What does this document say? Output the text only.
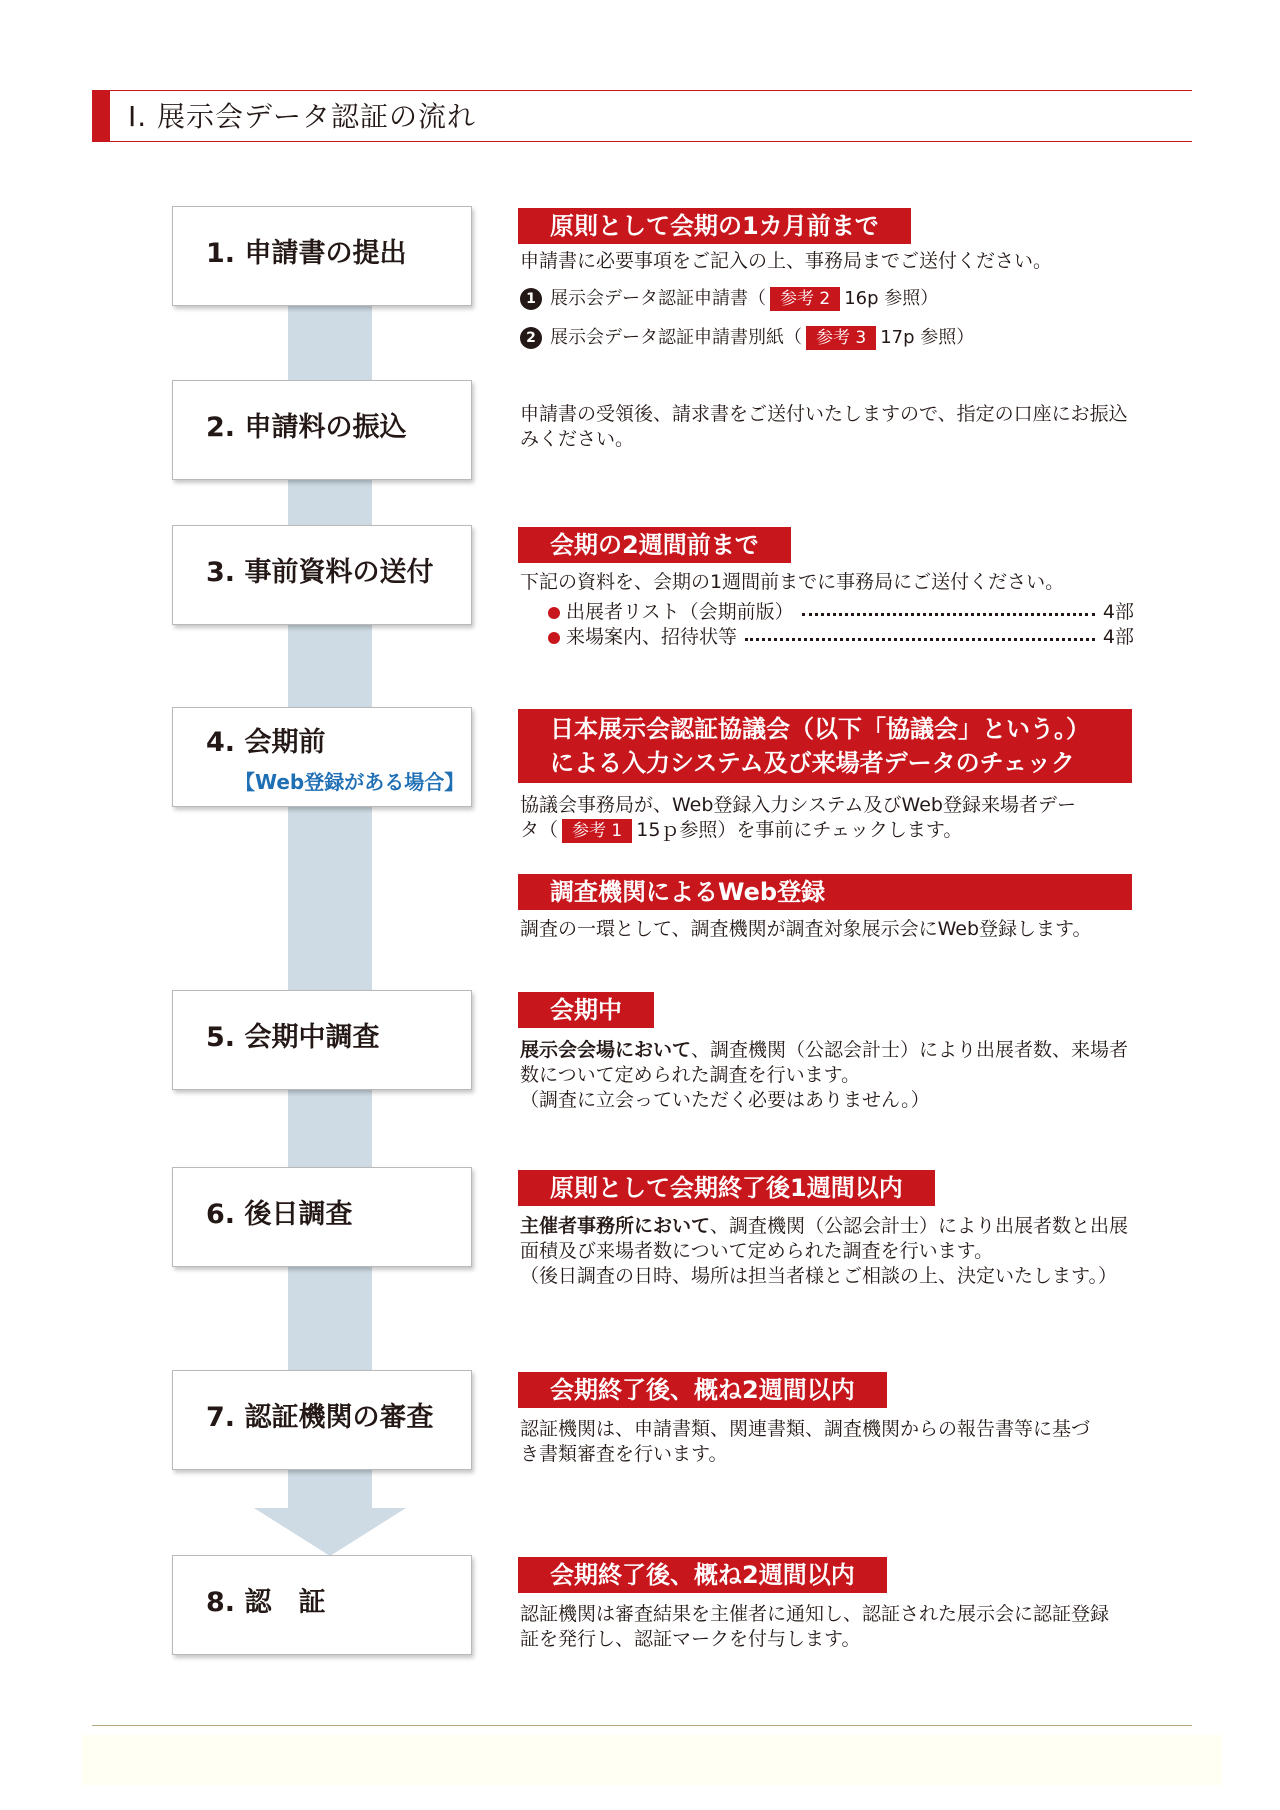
Ⅰ. 展示会データ認証の流れ
1. 申請書の提出
2. 申請料の振込
3. 事前資料の送付
4. 会期前
【Web登録がある場合】
5. 会期中調査
6. 後日調査
7. 認証機関の審査
8. 認　証
原則として会期の1カ月前まで
申請書に必要事項をご記入の上、事務局までご送付ください。
1 展示会データ認証申請書（ 参考 2 16p 参照）
2 展示会データ認証申請書別紙（ 参考 3 17p 参照）
申請書の受領後、請求書をご送付いたしますので、指定の口座にお振込みください。
会期の2週間前まで
下記の資料を、会期の1週間前までに事務局にご送付ください。
出展者リスト（会期前版）	4部
来場案内、招待状等	4部
日本展示会認証協議会（以下「協議会」という。）
による入力システム及び来場者データのチェック

協議会事務局が、Web登録入力システム及びWeb登録来場者デー

タ（ 参考 1 15ｐ参照）を事前にチェックします。

調査機関によるWeb登録
調査の一環として、調査機関が調査対象展示会にWeb登録します。
会期中

展示会会場において、調査機関（公認会計士）により出展者数、来場者数について定められた調査を行います。

（調査に立会っていただく必要はありません。）

原則として会期終了後1週間以内

主催者事務所において、調査機関（公認会計士）により出展者数と出展面積及び来場者数について定められた調査を行います。

（後日調査の日時、場所は担当者様とご相談の上、決定いたします。）

会期終了後、概ね2週間以内
認証機関は、申請書類、関連書類、調査機関からの報告書等に基づき書類審査を行います。
会期終了後、概ね2週間以内
認証機関は審査結果を主催者に通知し、認証された展示会に認証登録証を発行し、認証マークを付与します。
